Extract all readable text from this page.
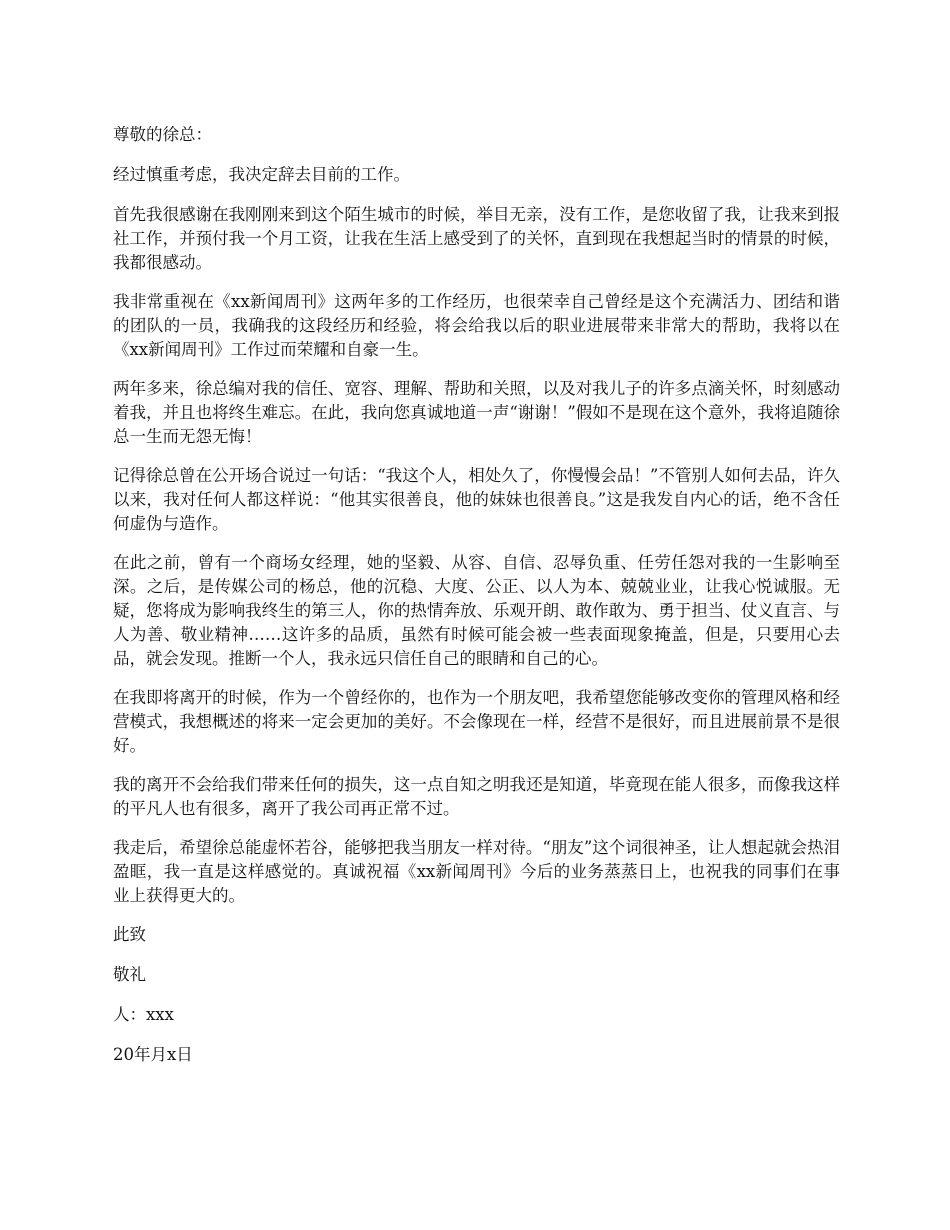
尊敬的徐总：

经过慎重考虑，我决定辞去目前的工作。

首先我很感谢在我刚刚来到这个陌生城市的时候，举目无亲，没有工作，是您收留了我，让我来到报社工作，并预付我一个月工资，让我在生活上感受到了的关怀，直到现在我想起当时的情景的时候，我都很感动。

我非常重视在《xx新闻周刊》这两年多的工作经历，也很荣幸自己曾经是这个充满活力、团结和谐的团队的一员，我确我的这段经历和经验，将会给我以后的职业进展带来非常大的帮助，我将以在《xx新闻周刊》工作过而荣耀和自豪一生。

两年多来，徐总编对我的信任、宽容、理解、帮助和关照，以及对我儿子的许多点滴关怀，时刻感动着我，并且也将终生难忘。在此，我向您真诚地道一声“谢谢！”假如不是现在这个意外，我将追随徐总一生而无怨无悔！

记得徐总曾在公开场合说过一句话：“我这个人，相处久了，你慢慢会品！”不管别人如何去品，许久以来，我对任何人都这样说：“他其实很善良，他的妹妹也很善良。”这是我发自内心的话，绝不含任何虚伪与造作。

在此之前，曾有一个商场女经理，她的坚毅、从容、自信、忍辱负重、任劳任怨对我的一生影响至深。之后，是传媒公司的杨总，他的沉稳、大度、公正、以人为本、兢兢业业，让我心悦诚服。无疑，您将成为影响我终生的第三人，你的热情奔放、乐观开朗、敢作敢为、勇于担当、仗义直言、与人为善、敬业精神……这许多的品质，虽然有时候可能会被一些表面现象掩盖，但是，只要用心去品，就会发现。推断一个人，我永远只信任自己的眼睛和自己的心。

在我即将离开的时候，作为一个曾经你的，也作为一个朋友吧，我希望您能够改变你的管理风格和经营模式，我想概述的将来一定会更加的美好。不会像现在一样，经营不是很好，而且进展前景不是很好。

我的离开不会给我们带来任何的损失，这一点自知之明我还是知道，毕竟现在能人很多，而像我这样的平凡人也有很多，离开了我公司再正常不过。

我走后，希望徐总能虚怀若谷，能够把我当朋友一样对待。“朋友”这个词很神圣，让人想起就会热泪盈眶，我一直是这样感觉的。真诚祝福《xx新闻周刊》今后的业务蒸蒸日上，也祝我的同事们在事业上获得更大的。

此致

敬礼

人：xxx

20年月x日
